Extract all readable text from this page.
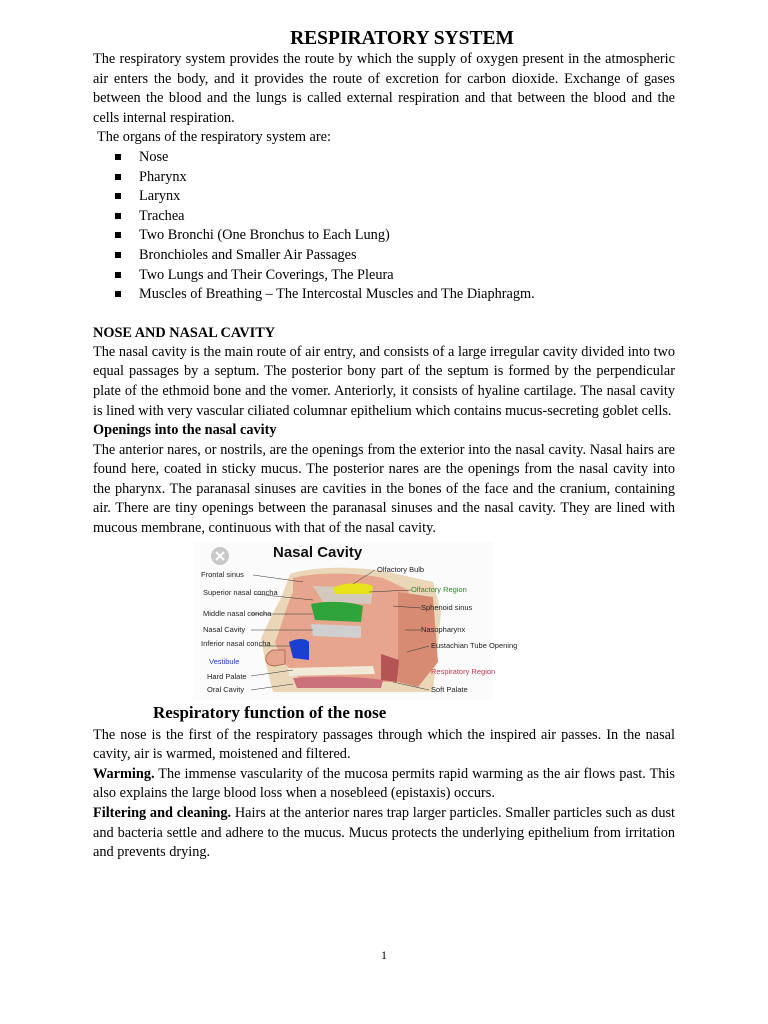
RESPIRATORY SYSTEM

The respiratory system provides the route by which the supply of oxygen present in the atmospheric air enters the body, and it provides the route of excretion for carbon dioxide. Exchange of gases between the blood and the lungs is called external respiration and that between the blood and the cells internal respiration.

The organs of the respiratory system are:

Nose
Pharynx
Larynx
Trachea
Two Bronchi (One Bronchus to Each Lung)
Bronchioles and Smaller Air Passages
Two Lungs and Their Coverings, The Pleura
Muscles of Breathing – The Intercostal Muscles and The Diaphragm.
NOSE AND NASAL CAVITY

The nasal cavity is the main route of air entry, and consists of a large irregular cavity divided into two equal passages by a septum. The posterior bony part of the septum is formed by the perpendicular plate of the ethmoid bone and the vomer. Anteriorly, it consists of hyaline cartilage. The nasal cavity is lined with very vascular ciliated columnar epithelium which contains mucus-secreting goblet cells.

Openings into the nasal cavity

The anterior nares, or nostrils, are the openings from the exterior into the nasal cavity. Nasal hairs are found here, coated in sticky mucus. The posterior nares are the openings from the nasal cavity into the pharynx. The paranasal sinuses are cavities in the bones of the face and the cranium, containing air. There are tiny openings between the paranasal sinuses and the nasal cavity. They are lined with mucous membrane, continuous with that of the nasal cavity.

Nasal Cavity
Frontal sinus
Superior nasal concha
Middle nasal concha
Nasal Cavity
Inferior nasal concha
Vestibule
Hard Palate
Oral Cavity
Olfactory Bulb
Olfactory Region
Sphenoid sinus
Nasopharynx
Eustachian Tube Opening
Respiratory Region
Soft Palate
Respiratory function of the nose

The nose is the first of the respiratory passages through which the inspired air passes. In the nasal cavity, air is warmed, moistened and filtered.

Warming. The immense vascularity of the mucosa permits rapid warming as the air flows past. This also explains the large blood loss when a nosebleed (epistaxis) occurs.

Filtering and cleaning. Hairs at the anterior nares trap larger particles. Smaller particles such as dust and bacteria settle and adhere to the mucus. Mucus protects the underlying epithelium from irritation and prevents drying.

1
